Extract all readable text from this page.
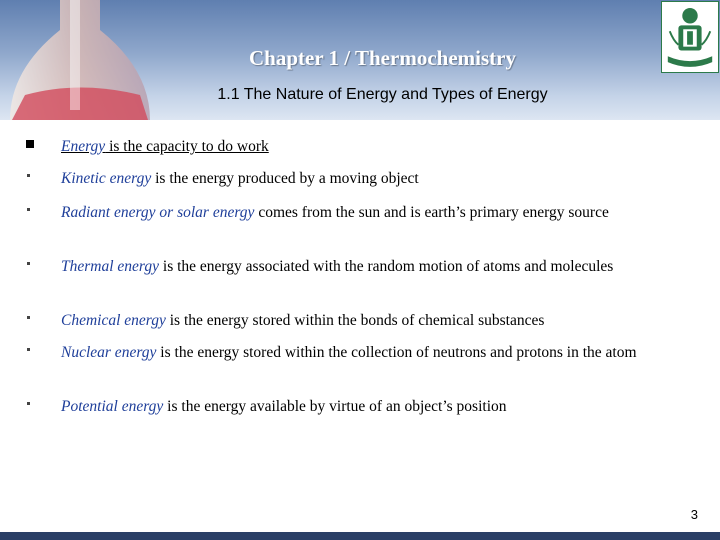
Chapter 1 / Thermochemistry
1.1 The Nature of Energy and Types of Energy
Energy is the capacity to do work
Kinetic energy is the energy produced by a moving object
Radiant energy or solar energy comes from the sun and is earth’s primary energy source
Thermal energy is the energy associated with the random motion of atoms and molecules
Chemical energy is the energy stored within the bonds of chemical substances
Nuclear energy is the energy stored within the collection of neutrons and protons in the atom
Potential energy is the energy available by virtue of an object’s position
3
